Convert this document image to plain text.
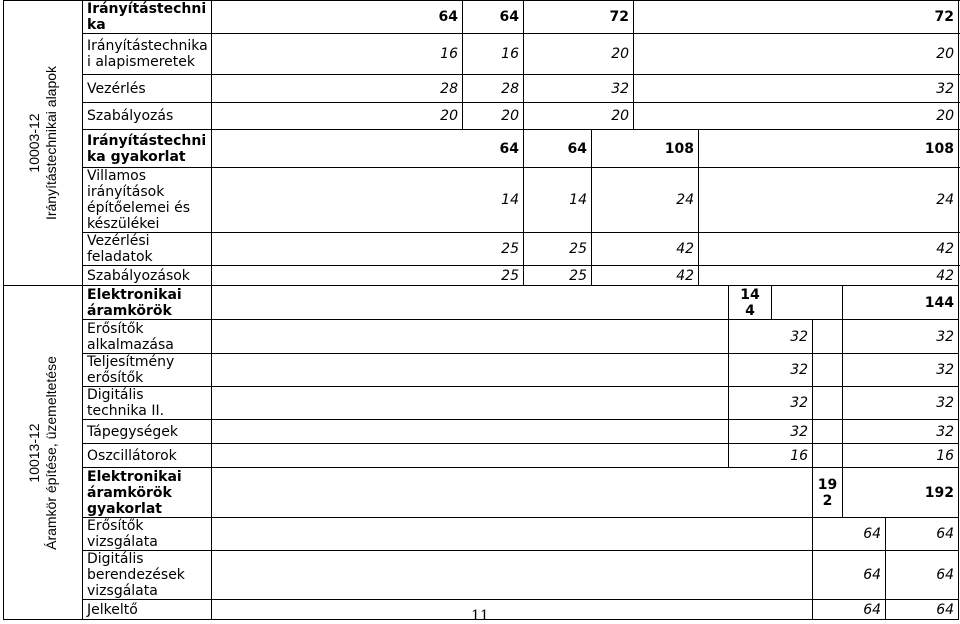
10003-12 Irányítástechnikai alapok	Irányítástechni ka	64	64	72		72						
	Irányítástechnika i alapismeretek	16	16	20		20						
	Vezérlés	28	28	32		32						
	Szabályozás	20	20	20		20						
	Irányítástechni ka gyakorlat	64		64	108		108					
	Villamos irányítások építőelemei és készülékei	14		14	24		24					
	Vezérlési feladatok	25		25	42		42					
	Szabályozások	25		25	42		42					

10013-12 Áramkör építése, üzemeltetése	Elektronikai áramkörök							14 4			144	
	Erősítők alkalmazása							32			32	
	Teljesítmény erősítők							32			32	
	Digitális technika II.							32			32	
	Tápegységek							32			32	
	Oszcillátorok							16			16	
	Elektronikai áramkörök gyakorlat									19 2	192	
	Erősítők vizsgálata									64		64
	Digitális berendezések vizsgálata									64		64
	Jelkeltő									64		64
11
